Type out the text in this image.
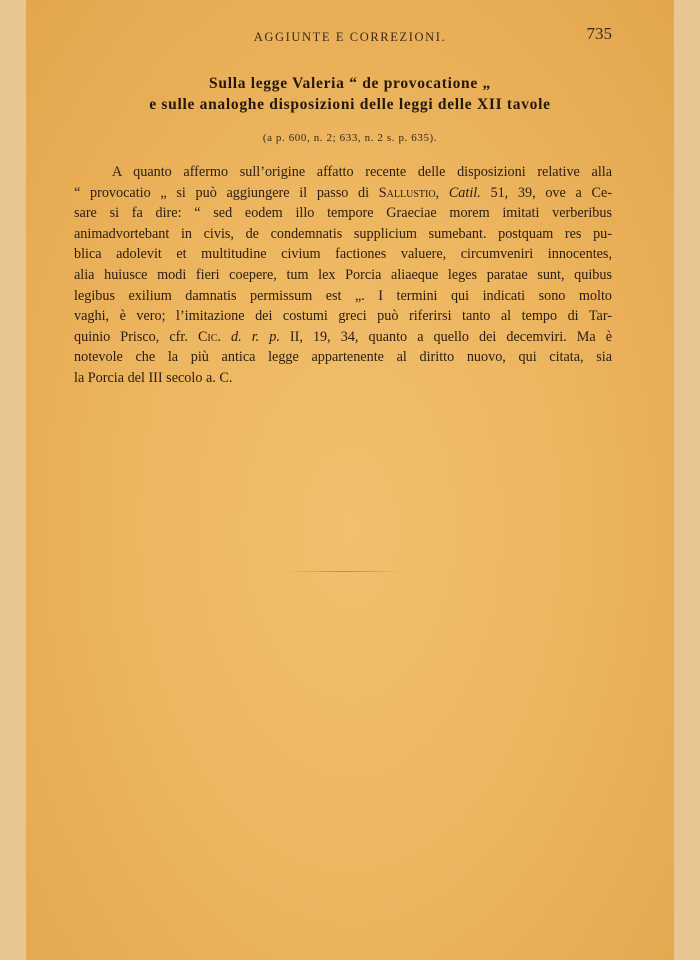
AGGIUNTE E CORREZIONI.	735
Sulla legge Valeria “ de provocatione „
e sulle analoghe disposizioni delle leggi delle XII tavole
(a p. 600, n. 2; 633, n. 2 s. p. 635).
A quanto affermo sull’origine affatto recente delle disposizioni relative alla
“ provocatio „ si può aggiungere il passo di Sallustio, Catil. 51, 39, ove a Ce-
sare si fa dire: “ sed eodem illo tempore Graeciae morem imitati verberibus
animadvortebant in civis, de condemnatis supplicium sumebant. postquam res pu-
blica adolevit et multitudine civium factiones valuere, circumveniri innocentes,
alia huiusce modi fieri coepere, tum lex Porcia aliaeque leges paratae sunt, quibus
legibus exilium damnatis permissum est „. I termini qui indicati sono molto
vaghi, è vero; l’imitazione dei costumi greci può riferirsi tanto al tempo di Tar-
quinio Prisco, cfr. Cic. d. r. p. II, 19, 34, quanto a quello dei decemviri. Ma è
notevole che la più antica legge appartenente al diritto nuovo, qui citata, sia
la Porcia del III secolo a. C.
